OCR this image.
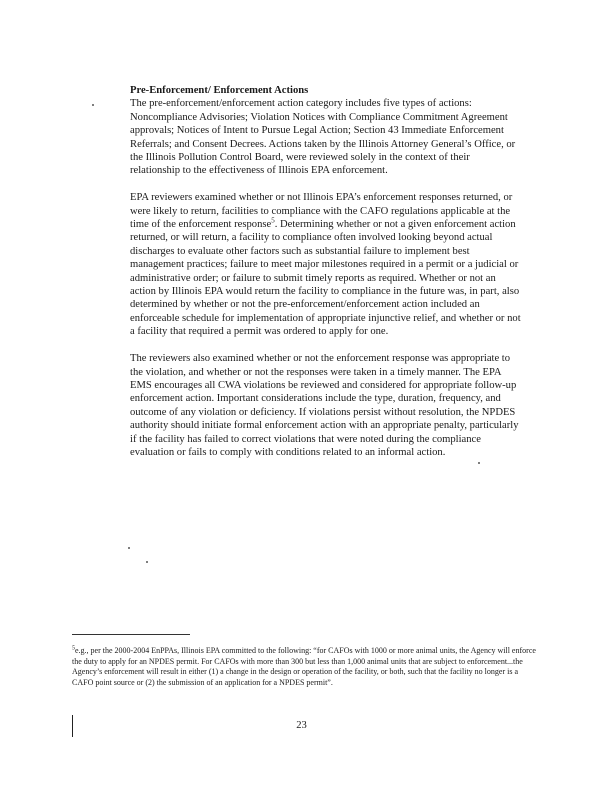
Pre-Enforcement/ Enforcement Actions

The pre-enforcement/enforcement action category includes five types of actions: Noncompliance Advisories; Violation Notices with Compliance Commitment Agreement approvals; Notices of Intent to Pursue Legal Action; Section 43 Immediate Enforcement Referrals; and Consent Decrees. Actions taken by the Illinois Attorney General’s Office, or the Illinois Pollution Control Board, were reviewed solely in the context of their relationship to the effectiveness of Illinois EPA enforcement.

EPA reviewers examined whether or not Illinois EPA’s enforcement responses returned, or were likely to return, facilities to compliance with the CAFO regulations applicable at the time of the enforcement response$^5$. Determining whether or not a given enforcement action returned, or will return, a facility to compliance often involved looking beyond actual discharges to evaluate other factors such as substantial failure to implement best management practices; failure to meet major milestones required in a permit or a judicial or administrative order; or failure to submit timely reports as required. Whether or not an action by Illinois EPA would return the facility to compliance in the future was, in part, also determined by whether or not the pre-enforcement/enforcement action included an enforceable schedule for implementation of appropriate injunctive relief, and whether or not a facility that required a permit was ordered to apply for one.

The reviewers also examined whether or not the enforcement response was appropriate to the violation, and whether or not the responses were taken in a timely manner. The EPA EMS encourages all CWA violations be reviewed and considered for appropriate follow-up enforcement action. Important considerations include the type, duration, frequency, and outcome of any violation or deficiency. If violations persist without resolution, the NPDES authority should initiate formal enforcement action with an appropriate penalty, particularly if the facility has failed to correct violations that were noted during the compliance evaluation or fails to comply with conditions related to an informal action.

$^5$e.g., per the 2000-2004 EnPPAs, Illinois EPA committed to the following: “for CAFOs with 1000 or more animal units, the Agency will enforce the duty to apply for an NPDES permit. For CAFOs with more than 300 but less than 1,000 animal units that are subject to enforcement...the Agency’s enforcement will result in either (1) a change in the design or operation of the facility, or both, such that the facility no longer is a CAFO point source or (2) the submission of an application for a NPDES permit”.
23
